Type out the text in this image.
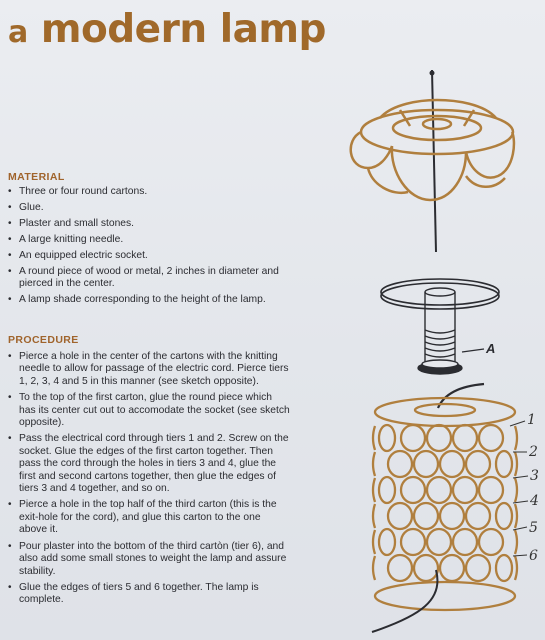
a modern lamp
MATERIAL
• Three or four round cartons.
• Glue.
• Plaster and small stones.
• A large knitting needle.
• An equipped electric socket.
• A round piece of wood or metal, 2 inches in diameter and pierced in the center.
• A lamp shade corresponding to the height of the lamp.
PROCEDURE
• Pierce a hole in the center of the cartons with the knitting needle to allow for passage of the electric cord. Pierce tiers 1, 2, 3, 4 and 5 in this manner (see sketch opposite).
• To the top of the first carton, glue the round piece which has its center cut out to accomodate the socket (see sketch opposite).
• Pass the electrical cord through tiers 1 and 2. Screw on the socket. Glue the edges of the first carton together. Then pass the cord through the holes in tiers 3 and 4, glue the first and second cartons together, then glue the edges of tiers 3 and 4 together, and so on.
• Pierce a hole in the top half of the third carton (this is the exit-hole for the cord), and glue this carton to the one above it.
• Pour plaster into the bottom of the third cartòn (tier 6), and also add some small stones to weight the lamp and assure stability.
• Glue the edges of tiers 5 and 6 together. The lamp is complete.
A
1
2
3
4
5
6
